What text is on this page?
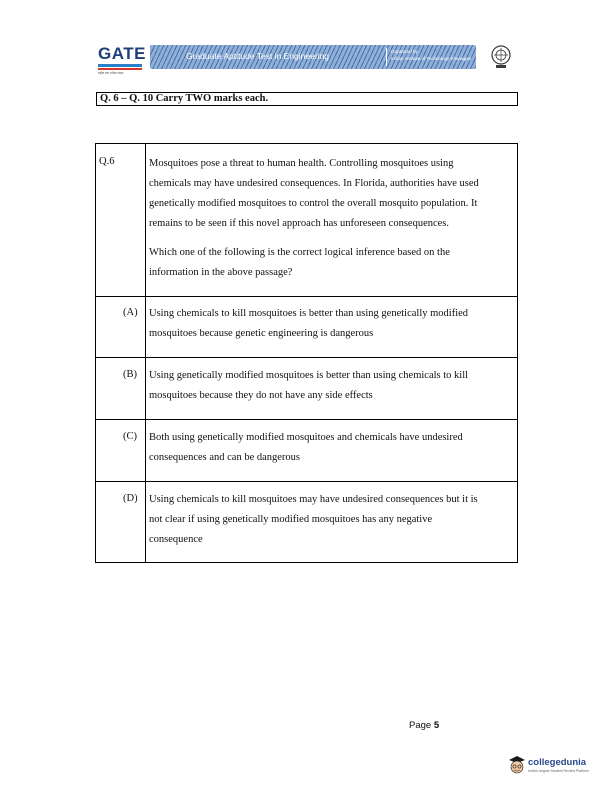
GATE
राष्ट्रीय स्तर परीक्षा संस्था
Graduate Aptitude Test in Engineering	Organized by
Indian Institute of Technology Kharagpur
Q. 6 – Q. 10 Carry TWO marks each.
Q.6	Mosquitoes pose a threat to human health. Controlling mosquitoes using
chemicals may have undesired consequences. In Florida, authorities have used
genetically modified mosquitoes to control the overall mosquito population. It
remains to be seen if this novel approach has unforeseen consequences.
Which one of the following is the correct logical inference based on the
information in the above passage?
(A) Using chemicals to kill mosquitoes is better than using genetically modified
mosquitoes because genetic engineering is dangerous
(B) Using genetically modified mosquitoes is better than using chemicals to kill
mosquitoes because they do not have any side effects
(C) Both using genetically modified mosquitoes and chemicals have undesired
consequences and can be dangerous
(D) Using chemicals to kill mosquitoes may have undesired consequences but it is
not clear if using genetically modified mosquitoes has any negative
consequence
Page 5
collegedunia
India's largest Student Review Platform
